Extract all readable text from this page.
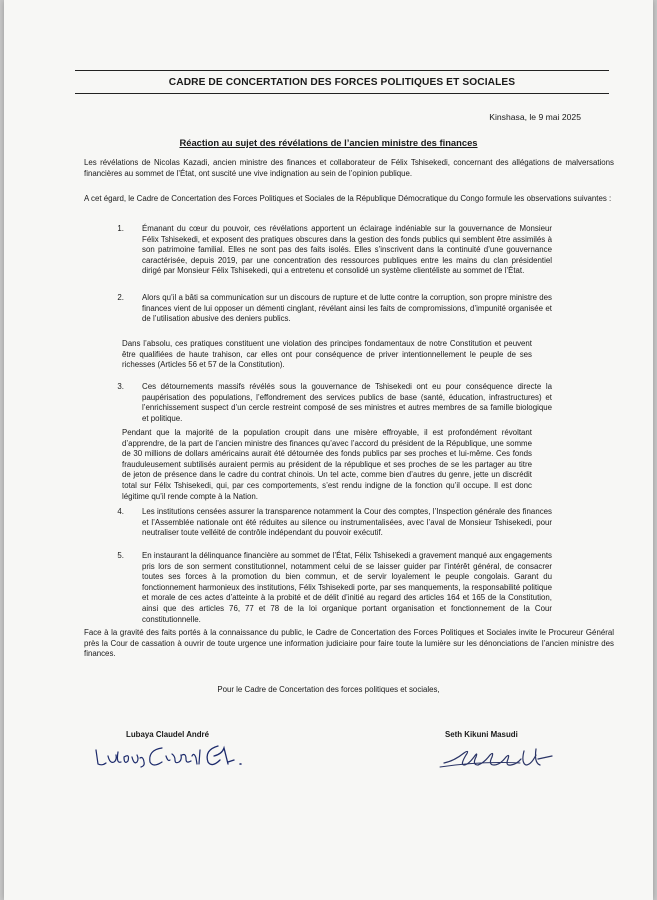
CADRE DE CONCERTATION DES FORCES POLITIQUES ET SOCIALES
Kinshasa, le 9 mai 2025
Réaction au sujet des révélations de l’ancien ministre des finances

Les révélations de Nicolas Kazadi, ancien ministre des finances et collaborateur de Félix Tshisekedi, concernant des allégations de malversations financières au sommet de l’État, ont suscité une vive indignation au sein de l’opinion publique.

A cet égard, le Cadre de Concertation des Forces Politiques et Sociales de la République Démocratique du Congo formule les observations suivantes :

1. Émanant du cœur du pouvoir, ces révélations apportent un éclairage indéniable sur la gouvernance de Monsieur Félix Tshisekedi, et exposent des pratiques obscures dans la gestion des fonds publics qui semblent être assimilés à son patrimoine familial. Elles ne sont pas des faits isolés. Elles s’inscrivent dans la continuité d’une gouvernance caractérisée, depuis 2019, par une concentration des ressources publiques entre les mains du clan présidentiel dirigé par Monsieur Félix Tshisekedi, qui a entretenu et consolidé un système clientéliste au sommet de l’État.
2. Alors qu’il a bâti sa communication sur un discours de rupture et de lutte contre la corruption, son propre ministre des finances vient de lui opposer un démenti cinglant, révélant ainsi les faits de compromissions, d’impunité organisée et de l’utilisation abusive des deniers publics.

Dans l’absolu, ces pratiques constituent une violation des principes fondamentaux de notre Constitution et peuvent être qualifiées de haute trahison, car elles ont pour conséquence de priver intentionnellement le peuple de ses richesses (Articles 56 et 57 de la Constitution).

3. Ces détournements massifs révélés sous la gouvernance de Tshisekedi ont eu pour conséquence directe la paupérisation des populations, l’effondrement des services publics de base (santé, éducation, infrastructures) et l’enrichissement suspect d’un cercle restreint composé de ses ministres et autres membres de sa famille biologique et politique.

Pendant que la majorité de la population croupit dans une misère effroyable, il est profondément révoltant d’apprendre, de la part de l’ancien ministre des finances qu’avec l’accord du président de la République, une somme de 30 millions de dollars américains aurait été détournée des fonds publics par ses proches et lui-même. Ces fonds frauduleusement subtilisés auraient permis au président de la république et ses proches de se les partager au titre de jeton de présence dans le cadre du contrat chinois. Un tel acte, comme bien d’autres du genre, jette un discrédit total sur Félix Tshisekedi, qui, par ces comportements, s’est rendu indigne de la fonction qu’il occupe. Il est donc légitime qu’il rende compte à la Nation.

4. Les institutions censées assurer la transparence notamment la Cour des comptes, l’Inspection générale des finances et l’Assemblée nationale ont été réduites au silence ou instrumentalisées, avec l’aval de Monsieur Tshisekedi, pour neutraliser toute velléité de contrôle indépendant du pouvoir exécutif.
5. En instaurant la délinquance financière au sommet de l’État, Félix Tshisekedi a gravement manqué aux engagements pris lors de son serment constitutionnel, notamment celui de se laisser guider par l’intérêt général, de consacrer toutes ses forces à la promotion du bien commun, et de servir loyalement le peuple congolais. Garant du fonctionnement harmonieux des institutions, Félix Tshisekedi porte, par ses manquements, la responsabilité politique et morale de ces actes d’atteinte à la probité et de délit d’initié au regard des articles 164 et 165 de la Constitution, ainsi que des articles 76, 77 et 78 de la loi organique portant organisation et fonctionnement de la Cour constitutionnelle.

Face à la gravité des faits portés à la connaissance du public, le Cadre de Concertation des Forces Politiques et Sociales invite le Procureur Général près la Cour de cassation à ouvrir de toute urgence une information judiciaire pour faire toute la lumière sur les dénonciations de l’ancien ministre des finances.

Pour le Cadre de Concertation des forces politiques et sociales,
Lubaya Claudel André	Seth Kikuni Masudi
